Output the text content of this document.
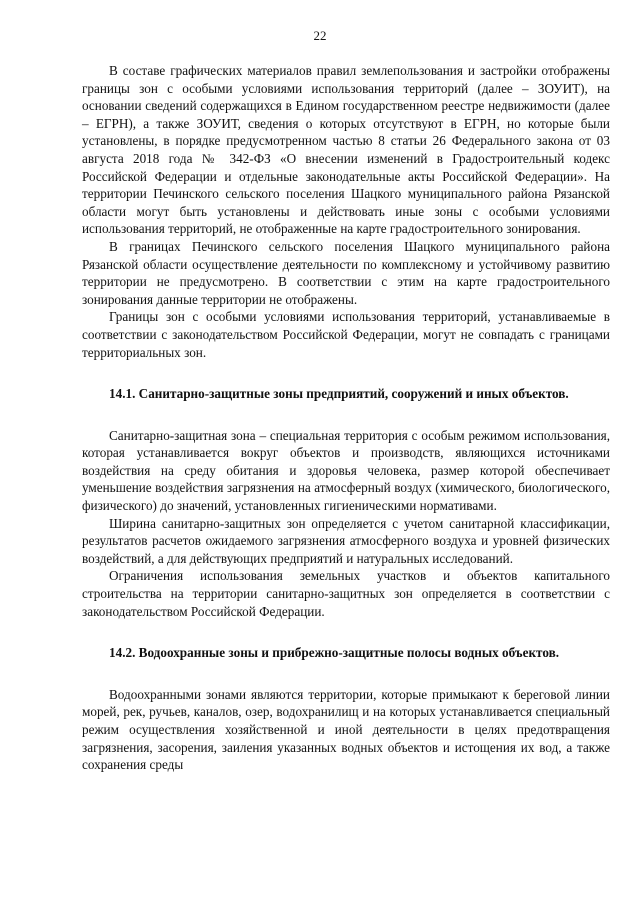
22

В составе графических материалов правил землепользования и застройки отображены границы зон с особыми условиями использования территорий (далее – ЗОУИТ), на основании сведений содержащихся в Едином государственном реестре недвижимости (далее – ЕГРН), а также ЗОУИТ, сведения о которых отсутствуют в ЕГРН, но которые были установлены, в порядке предусмотренном частью 8 статьи 26 Федерального закона от 03 августа 2018 года № 342-ФЗ «О внесении изменений в Градостроительный кодекс Российской Федерации и отдельные законодательные акты Российской Федерации». На территории Печинского сельского поселения Шацкого муниципального района Рязанской области могут быть установлены и действовать иные зоны с особыми условиями использования территорий, не отображенные на карте градостроительного зонирования.

В границах Печинского сельского поселения Шацкого муниципального района Рязанской области осуществление деятельности по комплексному и устойчивому развитию территории не предусмотрено. В соответствии с этим на карте градостроительного зонирования данные территории не отображены.

Границы зон с особыми условиями использования территорий, устанавливаемые в соответствии с законодательством Российской Федерации, могут не совпадать с границами территориальных зон.

14.1. Санитарно-защитные зоны предприятий, сооружений и иных объектов.

Санитарно-защитная зона – специальная территория с особым режимом использования, которая устанавливается вокруг объектов и производств, являющихся источниками воздействия на среду обитания и здоровья человека, размер которой обеспечивает уменьшение воздействия загрязнения на атмосферный воздух (химического, биологического, физического) до значений, установленных гигиеническими нормативами.

Ширина санитарно-защитных зон определяется с учетом санитарной классификации, результатов расчетов ожидаемого загрязнения атмосферного воздуха и уровней физических воздействий, а для действующих предприятий и натуральных исследований.

Ограничения использования земельных участков и объектов капитального строительства на территории санитарно-защитных зон определяется в соответствии с законодательством Российской Федерации.

14.2. Водоохранные зоны и прибрежно-защитные полосы водных объектов.

Водоохранными зонами являются территории, которые примыкают к береговой линии морей, рек, ручьев, каналов, озер, водохранилищ и на которых устанавливается специальный режим осуществления хозяйственной и иной деятельности в целях предотвращения загрязнения, засорения, заиления указанных водных объектов и истощения их вод, а также сохранения среды
